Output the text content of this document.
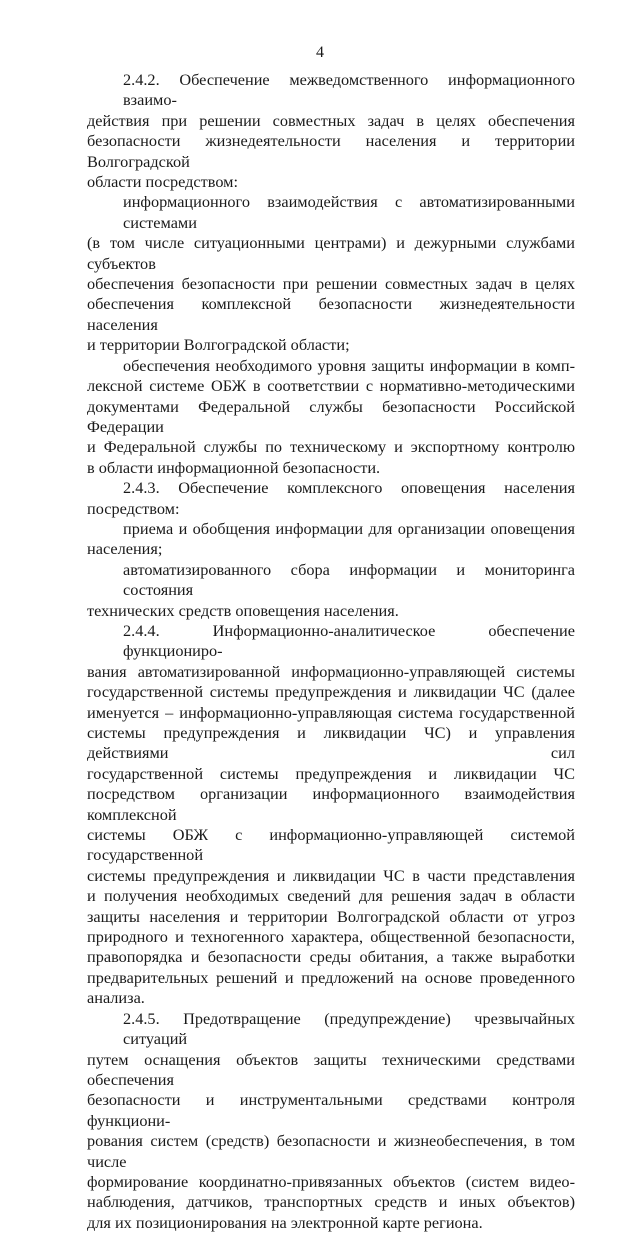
4
2.4.2. Обеспечение межведомственного информационного взаимо-
действия при решении совместных задач в целях обеспечения
безопасности жизнедеятельности населения и территории Волгоградской
области посредством:
информационного взаимодействия с автоматизированными системами
(в том числе ситуационными центрами) и дежурными службами субъектов
обеспечения безопасности при решении совместных задач в целях
обеспечения комплексной безопасности жизнедеятельности населения
и территории Волгоградской области;
обеспечения необходимого уровня защиты информации в комп-
лексной системе ОБЖ в соответствии с нормативно-методическими
документами Федеральной службы безопасности Российской Федерации
и Федеральной службы по техническому и экспортному контролю
в области информационной безопасности.
2.4.3. Обеспечение комплексного оповещения населения
посредством:
приема и обобщения информации для организации оповещения
населения;
автоматизированного сбора информации и мониторинга состояния
технических средств оповещения населения.
2.4.4. Информационно-аналитическое обеспечение функциониро-
вания автоматизированной информационно-управляющей системы
государственной системы предупреждения и ликвидации ЧС (далее
именуется – информационно-управляющая система государственной
системы предупреждения и ликвидации ЧС) и управления действиями сил
государственной системы предупреждения и ликвидации ЧС
посредством организации информационного взаимодействия комплексной
системы ОБЖ с информационно-управляющей системой государственной
системы предупреждения и ликвидации ЧС в части представления
и получения необходимых сведений для решения задач в области
защиты населения и территории Волгоградской области от угроз
природного и техногенного характера, общественной безопасности,
правопорядка и безопасности среды обитания, а также выработки
предварительных решений и предложений на основе проведенного
анализа.
2.4.5. Предотвращение (предупреждение) чрезвычайных ситуаций
путем оснащения объектов защиты техническими средствами обеспечения
безопасности и инструментальными средствами контроля функциони-
рования систем (средств) безопасности и жизнеобеспечения, в том числе
формирование координатно-привязанных объектов (систем видео-
наблюдения, датчиков, транспортных средств и иных объектов)
для их позиционирования на электронной карте региона.
